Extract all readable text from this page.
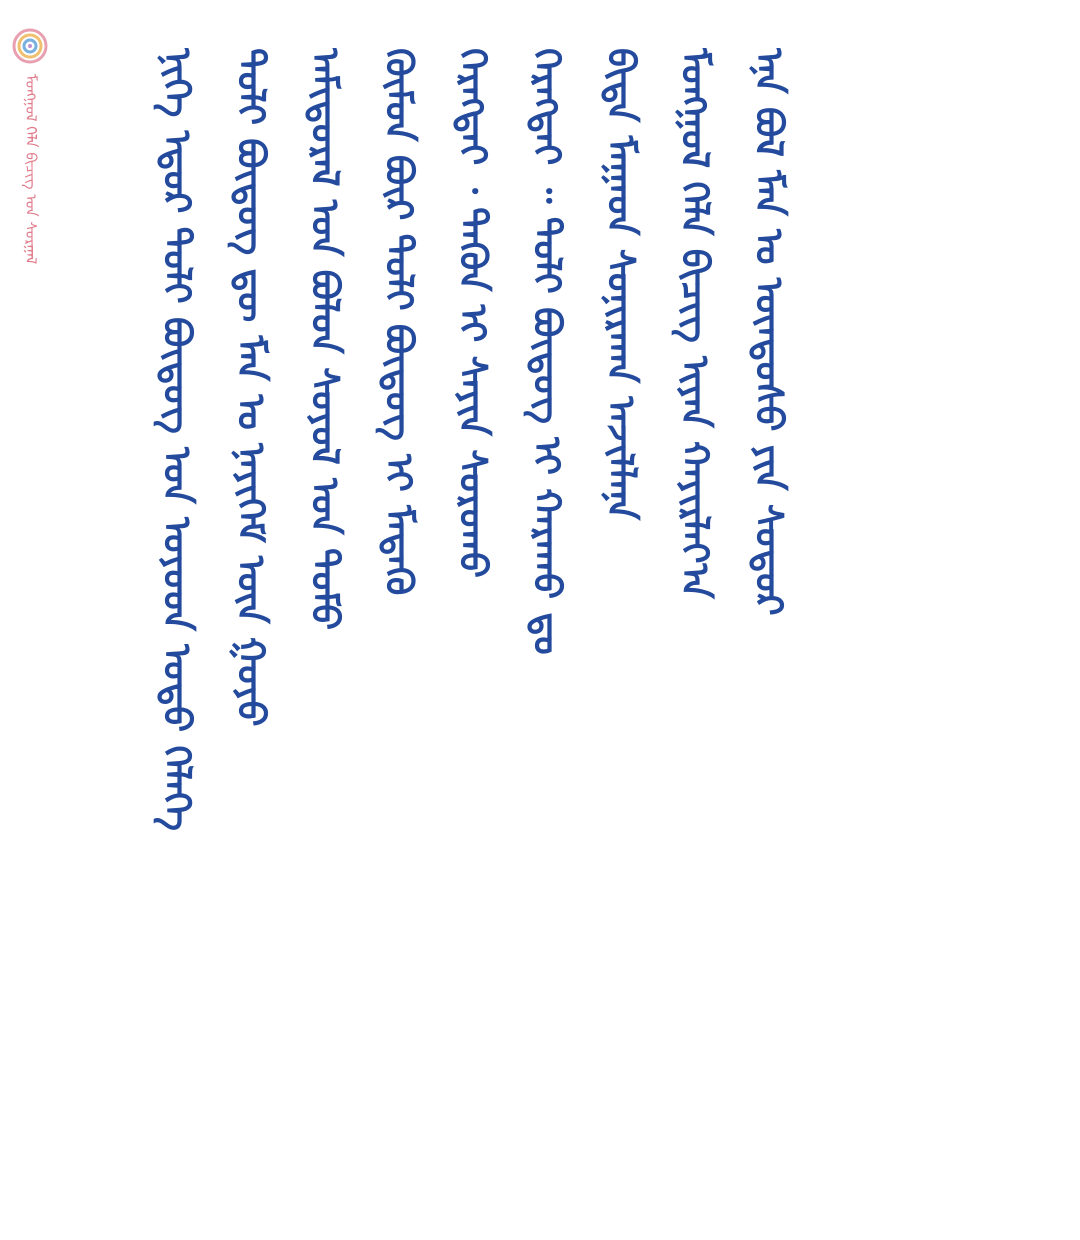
ᠮᠣᠩᠭᠣᠯ ᠬᠡᠯᠡ ᠪᠢᠴᠢᠭ ᠤᠨ ᠰᠤᠷᠭᠠᠯ	ᠨᠢᠭᠡ ᠡᠳᠦᠷ ᠲᠣᠯᠢ ᠪᠦᠳᠦᠭ ᠤᠨ ᠣᠶᠣᠳ ᠣᠳᠣ ᠬᠡᠯᠡᠭᠡ ᠲᠣᠯᠢ ᠪᠦᠳᠦᠭ ᠳᠦ ᠮᠠᠨ ᠤ ᠨᠡᠶᠢᠭᠡᠮ ᠦᠨ ᠭᠤᠶᠤ ᠠᠮᠢᠳᠤᠷᠠᠯ ᠤᠨ ᠪᠣᠯᠤᠨ ᠰᠣᠶᠣᠯ ᠤᠨ ᠲᠣᠮᠣ ᠬᠦᠮᠦᠨ ᠪᠦᠷ ᠲᠣᠯᠢ ᠪᠦᠳᠦᠭ ᠢ ᠮᠡᠳᠡᠬᠦ ᠬᠡᠷᠡᠭᠲᠡᠢ ᠂ ᠲᠡᠭᠦᠨ ᠢ ᠰᠠᠶᠢᠨ ᠰᠤᠷᠤᠬᠤ ᠬᠡᠷᠡᠭᠲᠡᠢ ᠃ ᠲᠣᠯᠢ ᠪᠦᠳᠦᠭ ᠢ ᠬᠠᠷᠠᠬᠤ ᠳᠤ ᠪᠢᠳᠡ ᠮᠠᠭᠠᠳ ᠰᠣᠨᠢᠷᠬᠠᠨ ᠠᠵᠢᠯᠯᠠᠨᠠ ᠮᠣᠩᠭᠣᠯ ᠬᠡᠯᠡ ᠪᠢᠴᠢᠭ ᠢᠶᠡᠨ ᠬᠠᠶᠢᠷᠯᠠᠶ᠎ᠠ ᠡᠨᠡ ᠪᠣᠯ ᠮᠠᠨ ᠤ ᠦᠨᠳᠦᠰᠦ ᠶᠢᠨ ᠰᠤᠳᠤᠷ
